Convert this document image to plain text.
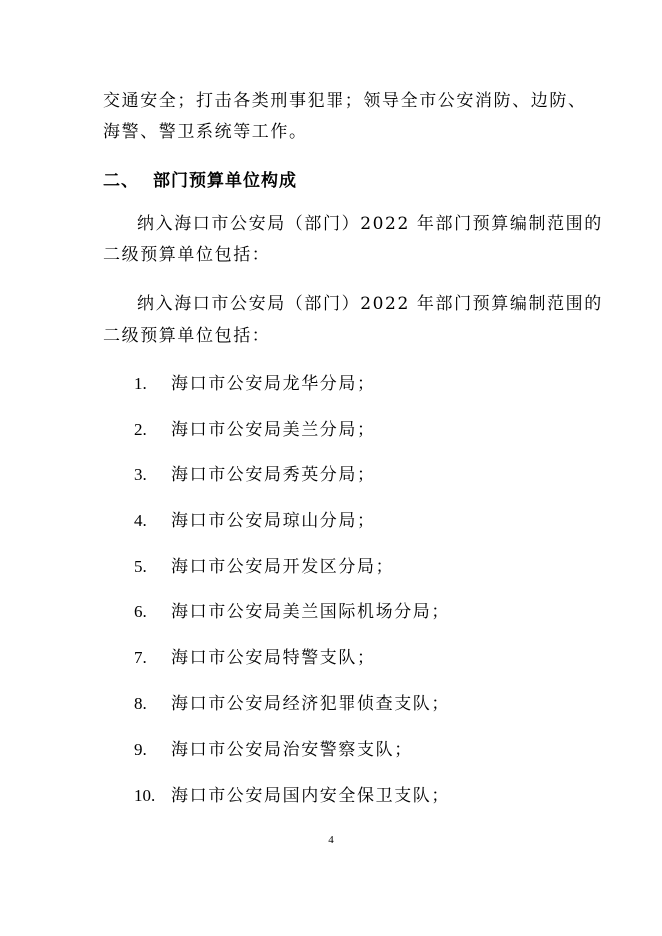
交通安全；打击各类刑事犯罪；领导全市公安消防、边防、
海警、警卫系统等工作。
二、 部门预算单位构成
纳入海口市公安局（部门）2022 年部门预算编制范围的
二级预算单位包括：
纳入海口市公安局（部门）2022 年部门预算编制范围的
二级预算单位包括：
1. 海口市公安局龙华分局；
2. 海口市公安局美兰分局；
3. 海口市公安局秀英分局；
4. 海口市公安局琼山分局；
5. 海口市公安局开发区分局；
6. 海口市公安局美兰国际机场分局；
7. 海口市公安局特警支队；
8. 海口市公安局经济犯罪侦查支队；
9. 海口市公安局治安警察支队；
10. 海口市公安局国内安全保卫支队；
4
